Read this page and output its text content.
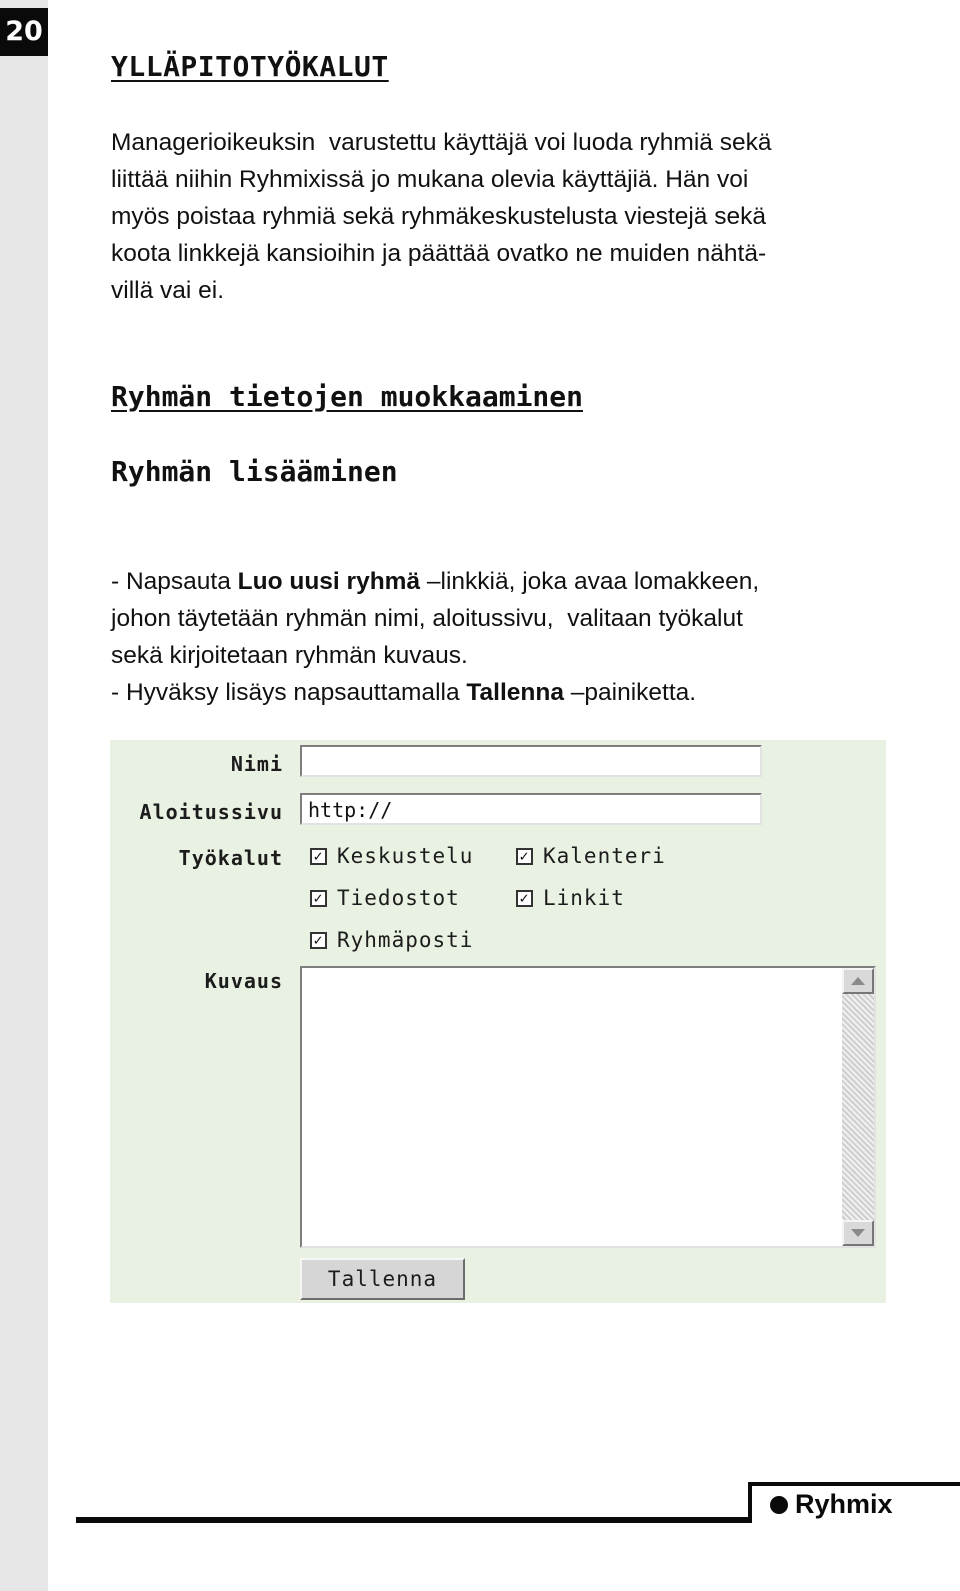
20
YLLÄPITOTYÖKALUT
Managerioikeuksin  varustettu käyttäjä voi luoda ryhmiä sekä
liittää niihin Ryhmixissä jo mukana olevia käyttäjiä. Hän voi
myös poistaa ryhmiä sekä ryhmäkeskustelusta viestejä sekä
koota linkkejä kansioihin ja päättää ovatko ne muiden nähtä-
villä vai ei.
Ryhmän tietojen muokkaaminen
Ryhmän lisääminen

- Napsauta Luo uusi ryhmä –linkkiä, joka avaa lomakkeen,
johon täytetään ryhmän nimi, aloitussivu,  valitaan työkalut
sekä kirjoitetaan ryhmän kuvaus.
- Hyväksy lisäys napsauttamalla Tallenna –painiketta.

Nimi
Aloitussivu	http://
Työkalut ✓ Keskustelu	✓ Kalenteri
✓ Tiedostot	✓ Linkit
✓ Ryhmäposti
Kuvaus
Tallenna
Ryhmix
